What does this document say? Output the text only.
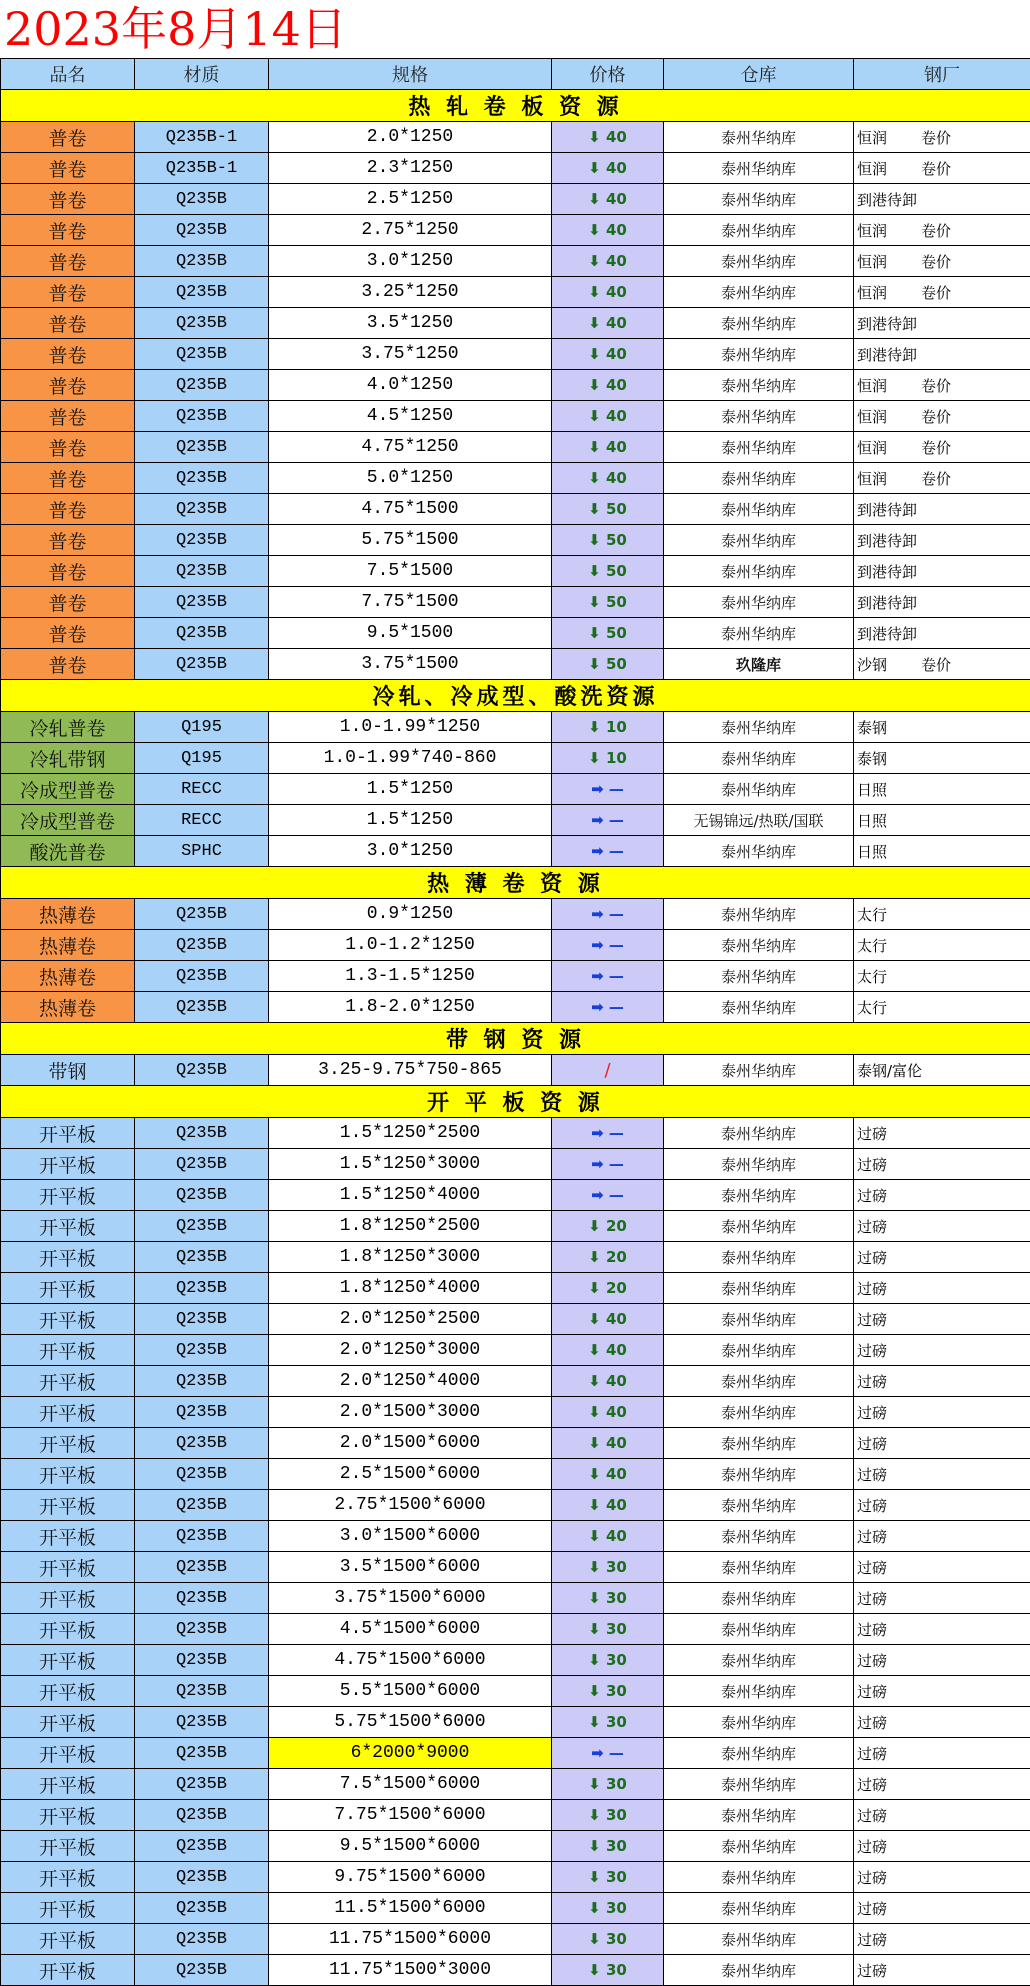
2023年8月14日
品名	材质	规格	价格	仓库	钢厂
热 轧 卷 板 资 源					
普卷	Q235B-1	2.0*1250	⬇ 40	泰州华纳库	恒润 卷价
普卷	Q235B-1	2.3*1250	⬇ 40	泰州华纳库	恒润 卷价
普卷	Q235B	2.5*1250	⬇ 40	泰州华纳库	到港待卸
普卷	Q235B	2.75*1250	⬇ 40	泰州华纳库	恒润 卷价
普卷	Q235B	3.0*1250	⬇ 40	泰州华纳库	恒润 卷价
普卷	Q235B	3.25*1250	⬇ 40	泰州华纳库	恒润 卷价
普卷	Q235B	3.5*1250	⬇ 40	泰州华纳库	到港待卸
普卷	Q235B	3.75*1250	⬇ 40	泰州华纳库	到港待卸
普卷	Q235B	4.0*1250	⬇ 40	泰州华纳库	恒润 卷价
普卷	Q235B	4.5*1250	⬇ 40	泰州华纳库	恒润 卷价
普卷	Q235B	4.75*1250	⬇ 40	泰州华纳库	恒润 卷价
普卷	Q235B	5.0*1250	⬇ 40	泰州华纳库	恒润 卷价
普卷	Q235B	4.75*1500	⬇ 50	泰州华纳库	到港待卸
普卷	Q235B	5.75*1500	⬇ 50	泰州华纳库	到港待卸
普卷	Q235B	7.5*1500	⬇ 50	泰州华纳库	到港待卸
普卷	Q235B	7.75*1500	⬇ 50	泰州华纳库	到港待卸
普卷	Q235B	9.5*1500	⬇ 50	泰州华纳库	到港待卸
普卷	Q235B	3.75*1500	⬇ 50	玖隆库	沙钢 卷价
冷轧、冷成型、酸洗资源					
冷轧普卷	Q195	1.0-1.99*1250	⬇ 10	泰州华纳库	泰钢
冷轧带钢	Q195	1.0-1.99*740-860	⬇ 10	泰州华纳库	泰钢
冷成型普卷	RECC	1.5*1250	➡ —	泰州华纳库	日照
冷成型普卷	RECC	1.5*1250	➡ —	无锡锦远/热联/国联	日照
酸洗普卷	SPHC	3.0*1250	➡ —	泰州华纳库	日照
热 薄 卷 资 源					
热薄卷	Q235B	0.9*1250	➡ —	泰州华纳库	太行
热薄卷	Q235B	1.0-1.2*1250	➡ —	泰州华纳库	太行
热薄卷	Q235B	1.3-1.5*1250	➡ —	泰州华纳库	太行
热薄卷	Q235B	1.8-2.0*1250	➡ —	泰州华纳库	太行
带 钢 资 源					
带钢	Q235B	3.25-9.75*750-865	/	泰州华纳库	泰钢/富伦
开 平 板 资 源					
开平板	Q235B	1.5*1250*2500	➡ —	泰州华纳库	过磅
开平板	Q235B	1.5*1250*3000	➡ —	泰州华纳库	过磅
开平板	Q235B	1.5*1250*4000	➡ —	泰州华纳库	过磅
开平板	Q235B	1.8*1250*2500	⬇ 20	泰州华纳库	过磅
开平板	Q235B	1.8*1250*3000	⬇ 20	泰州华纳库	过磅
开平板	Q235B	1.8*1250*4000	⬇ 20	泰州华纳库	过磅
开平板	Q235B	2.0*1250*2500	⬇ 40	泰州华纳库	过磅
开平板	Q235B	2.0*1250*3000	⬇ 40	泰州华纳库	过磅
开平板	Q235B	2.0*1250*4000	⬇ 40	泰州华纳库	过磅
开平板	Q235B	2.0*1500*3000	⬇ 40	泰州华纳库	过磅
开平板	Q235B	2.0*1500*6000	⬇ 40	泰州华纳库	过磅
开平板	Q235B	2.5*1500*6000	⬇ 40	泰州华纳库	过磅
开平板	Q235B	2.75*1500*6000	⬇ 40	泰州华纳库	过磅
开平板	Q235B	3.0*1500*6000	⬇ 40	泰州华纳库	过磅
开平板	Q235B	3.5*1500*6000	⬇ 30	泰州华纳库	过磅
开平板	Q235B	3.75*1500*6000	⬇ 30	泰州华纳库	过磅
开平板	Q235B	4.5*1500*6000	⬇ 30	泰州华纳库	过磅
开平板	Q235B	4.75*1500*6000	⬇ 30	泰州华纳库	过磅
开平板	Q235B	5.5*1500*6000	⬇ 30	泰州华纳库	过磅
开平板	Q235B	5.75*1500*6000	⬇ 30	泰州华纳库	过磅
开平板	Q235B	6*2000*9000	➡ —	泰州华纳库	过磅
开平板	Q235B	7.5*1500*6000	⬇ 30	泰州华纳库	过磅
开平板	Q235B	7.75*1500*6000	⬇ 30	泰州华纳库	过磅
开平板	Q235B	9.5*1500*6000	⬇ 30	泰州华纳库	过磅
开平板	Q235B	9.75*1500*6000	⬇ 30	泰州华纳库	过磅
开平板	Q235B	11.5*1500*6000	⬇ 30	泰州华纳库	过磅
开平板	Q235B	11.75*1500*6000	⬇ 30	泰州华纳库	过磅
开平板	Q235B	11.75*1500*3000	⬇ 30	泰州华纳库	过磅
